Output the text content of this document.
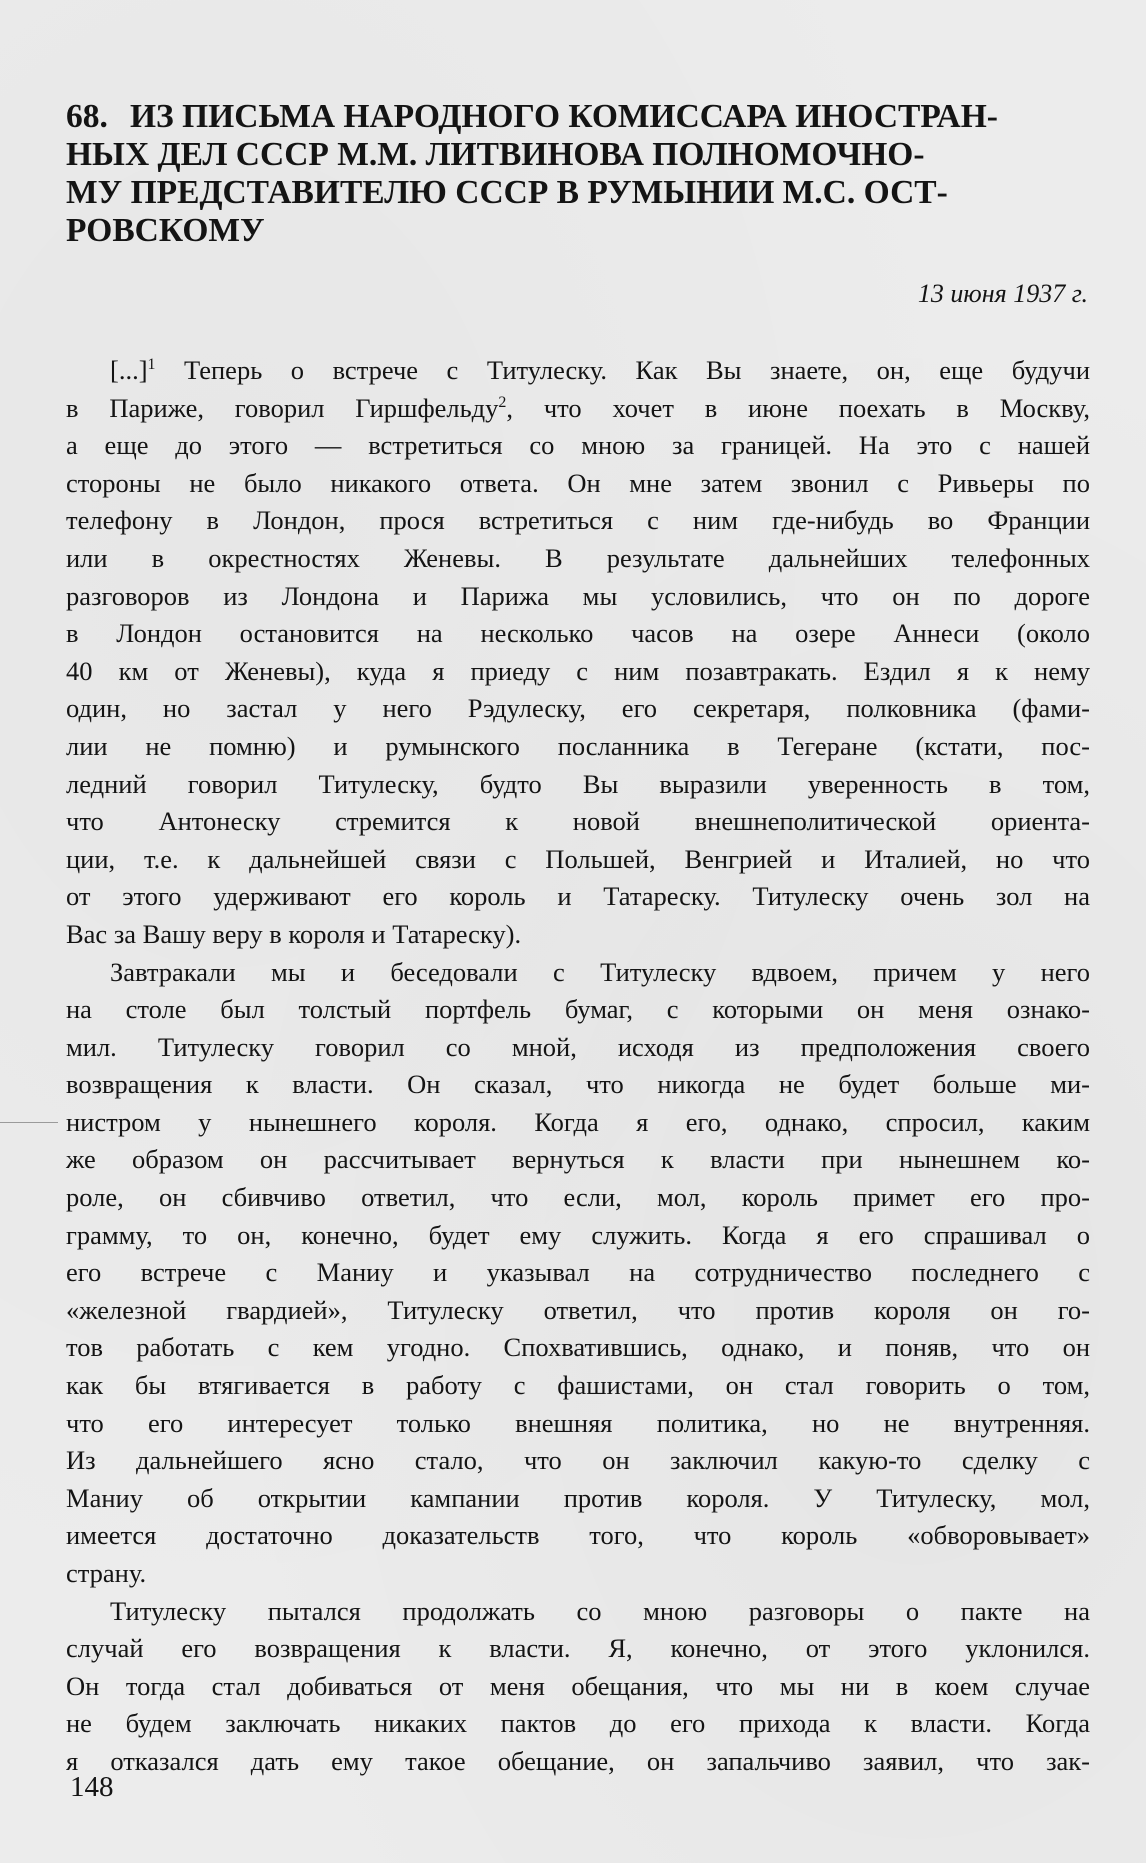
68. ИЗ ПИСЬМА НАРОДНОГО КОМИССАРА ИНОСТРАН-
НЫХ ДЕЛ СССР М.М. ЛИТВИНОВА ПОЛНОМОЧНО-
МУ ПРЕДСТАВИТЕЛЮ СССР В РУМЫНИИ М.С. ОСТ-
РОВСКОМУ
13 июня 1937 г.
[...]$^1$ Теперь о встрече с Титулеску. Как Вы знаете, он, еще будучи
в Париже, говорил Гиршфельду$^2$, что хочет в июне поехать в Москву,
а еще до этого — встретиться со мною за границей. На это с нашей
стороны не было никакого ответа. Он мне затем звонил с Ривьеры по
телефону в Лондон, прося встретиться с ним где-нибудь во Франции
или в окрестностях Женевы. В результате дальнейших телефонных
разговоров из Лондона и Парижа мы условились, что он по дороге
в Лондон остановится на несколько часов на озере Аннеси (около
40 км от Женевы), куда я приеду с ним позавтракать. Ездил я к нему
один, но застал у него Рэдулеску, его секретаря, полковника (фами-
лии не помню) и румынского посланника в Тегеране (кстати, пос-
ледний говорил Титулеску, будто Вы выразили уверенность в том,
что Антонеску стремится к новой внешнеполитической ориента-
ции, т.е. к дальнейшей связи с Польшей, Венгрией и Италией, но что
от этого удерживают его король и Татареску. Титулеску очень зол на
Вас за Вашу веру в короля и Татареску).
Завтракали мы и беседовали с Титулеску вдвоем, причем у него
на столе был толстый портфель бумаг, с которыми он меня ознако-
мил. Титулеску говорил со мной, исходя из предположения своего
возвращения к власти. Он сказал, что никогда не будет больше ми-
нистром у нынешнего короля. Когда я его, однако, спросил, каким
же образом он рассчитывает вернуться к власти при нынешнем ко-
роле, он сбивчиво ответил, что если, мол, король примет его про-
грамму, то он, конечно, будет ему служить. Когда я его спрашивал о
его встрече с Маниу и указывал на сотрудничество последнего с
«железной гвардией», Титулеску ответил, что против короля он го-
тов работать с кем угодно. Спохватившись, однако, и поняв, что он
как бы втягивается в работу с фашистами, он стал говорить о том,
что его интересует только внешняя политика, но не внутренняя.
Из дальнейшего ясно стало, что он заключил какую-то сделку с
Маниу об открытии кампании против короля. У Титулеску, мол,
имеется достаточно доказательств того, что король «обворовывает»
страну.
Титулеску пытался продолжать со мною разговоры о пакте на
случай его возвращения к власти. Я, конечно, от этого уклонился.
Он тогда стал добиваться от меня обещания, что мы ни в коем случае
не будем заключать никаких пактов до его прихода к власти. Когда
я отказался дать ему такое обещание, он запальчиво заявил, что зак-
148
